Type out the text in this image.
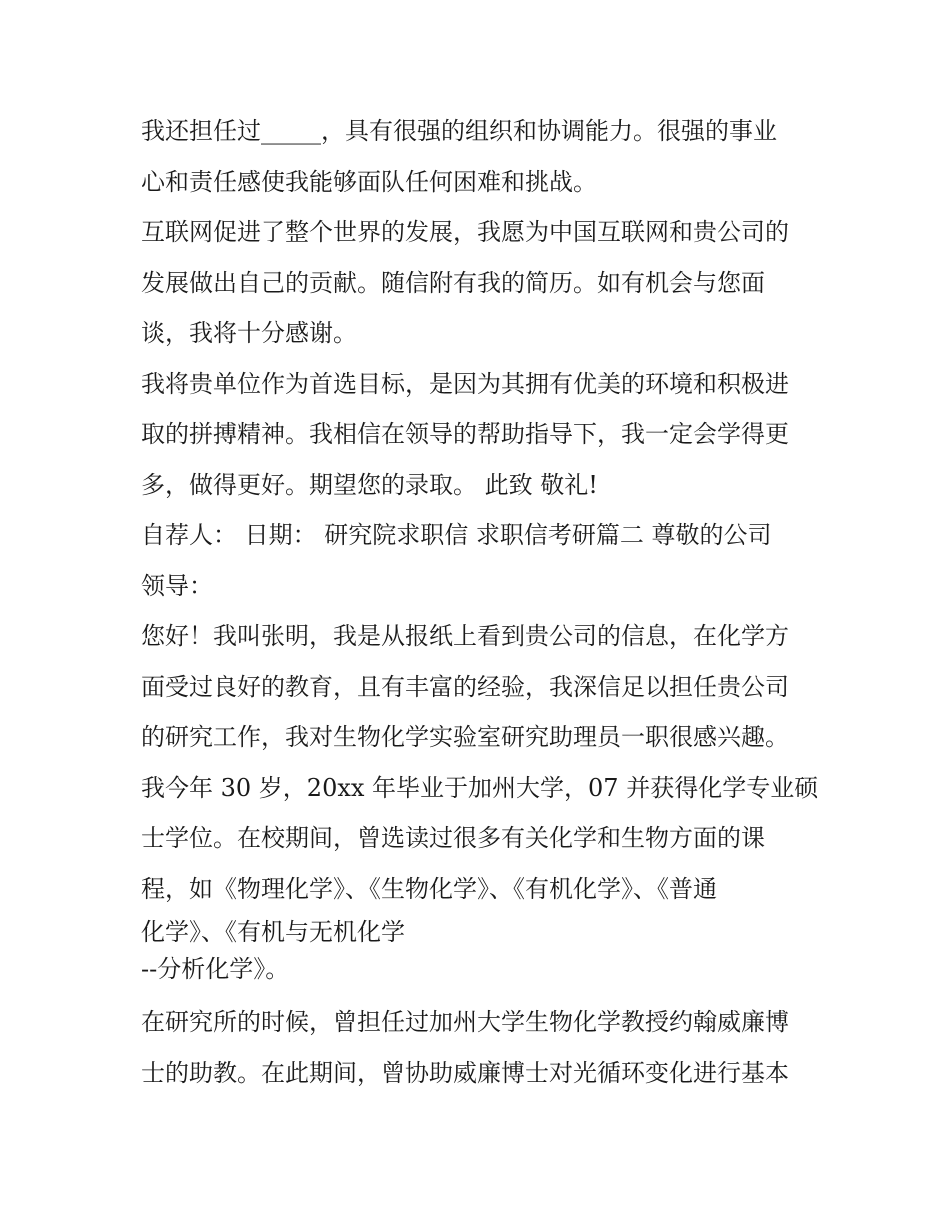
我还担任过_____，具有很强的组织和协调能力。很强的事业
心和责任感使我能够面队任何困难和挑战。
互联网促进了整个世界的发展，我愿为中国互联网和贵公司的
发展做出自己的贡献。随信附有我的简历。如有机会与您面
谈，我将十分感谢。
我将贵单位作为首选目标，是因为其拥有优美的环境和积极进
取的拼搏精神。我相信在领导的帮助指导下，我一定会学得更
多，做得更好。期望您的录取。 此致 敬礼!
自荐人： 日期： 研究院求职信 求职信考研篇二 尊敬的公司
领导：
您好！我叫张明，我是从报纸上看到贵公司的信息，在化学方
面受过良好的教育，且有丰富的经验，我深信足以担任贵公司
的研究工作，我对生物化学实验室研究助理员一职很感兴趣。
我今年 30 岁，20xx 年毕业于加州大学，07 并获得化学专业硕
士学位。在校期间，曾选读过很多有关化学和生物方面的课
程，如《物理化学》、《生物化学》、《有机化学》、《普通
化学》、《有机与无机化学
--分析化学》。
在研究所的时候，曾担任过加州大学生物化学教授约翰威廉博
士的助教。在此期间，曾协助威廉博士对光循环变化进行基本
